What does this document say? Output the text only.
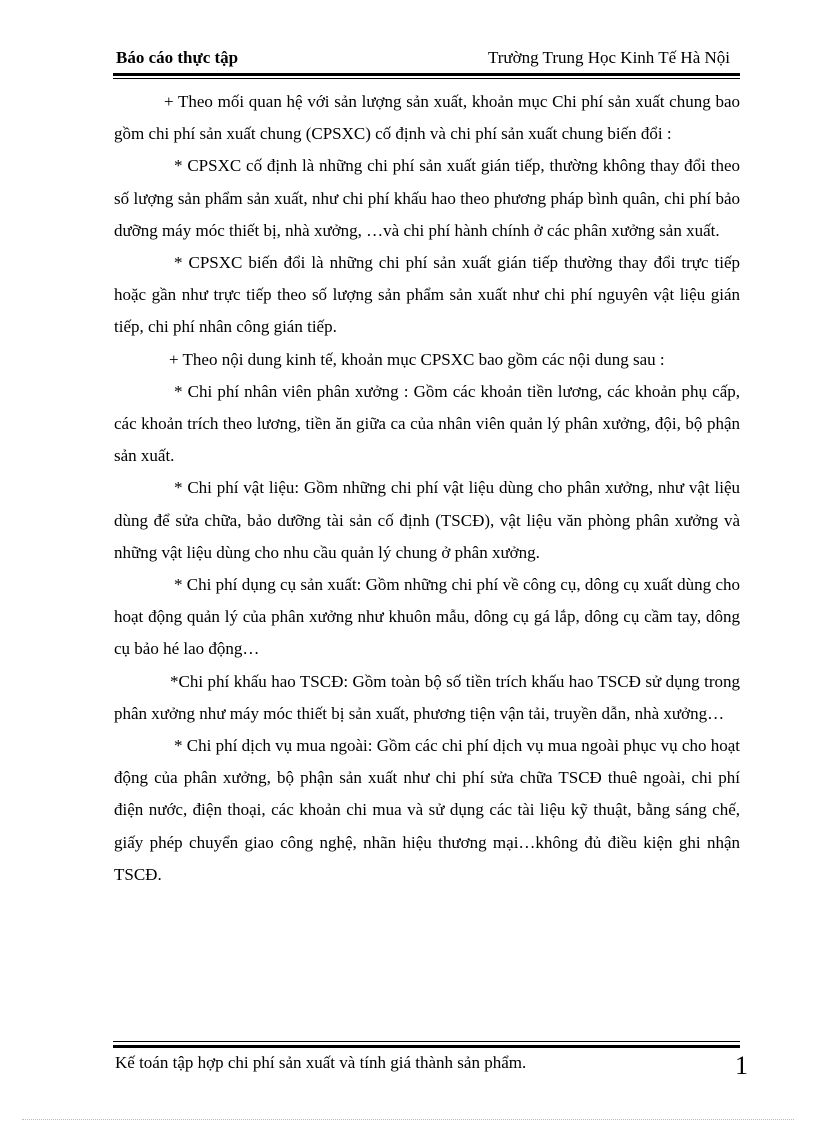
Báo cáo thực tập	Trường Trung Học Kinh Tế Hà Nội

+ Theo mối quan hệ với sản lượng sản xuất, khoản mục Chi phí sản xuất chung bao gồm chi phí sản xuất chung (CPSXC) cố định và chi phí sản xuất chung biến đổi :

* CPSXC cố định là những chi phí sản xuất gián tiếp, thường không thay đổi theo số lượng sản phẩm sản xuất, như chi phí khấu hao theo phương pháp bình quân, chi phí bảo dưỡng máy móc thiết bị, nhà xưởng, …và chi phí hành chính ở các phân xưởng sản xuất.

* CPSXC biến đổi là những chi phí sản xuất gián tiếp thường thay đổi trực tiếp hoặc gần như trực tiếp theo số lượng sản phẩm sản xuất như chi phí nguyên vật liệu gián tiếp, chi phí nhân công gián tiếp.

+ Theo nội dung kinh tế, khoản mục CPSXC bao gồm các nội dung sau :

* Chi phí nhân viên phân xưởng : Gồm các khoản tiền lương, các khoản phụ cấp, các khoản trích theo lương, tiền ăn giữa ca của nhân viên quản lý phân xưởng, đội, bộ phận sản xuất.

* Chi phí vật liệu: Gồm những chi phí vật liệu dùng cho phân xưởng, như vật liệu dùng để sửa chữa, bảo dưỡng tài sản cố định (TSCĐ), vật liệu văn phòng phân xưởng và những vật liệu dùng cho nhu cầu quản lý chung ở phân xưởng.

* Chi phí dụng cụ sản xuất: Gồm những chi phí về công cụ, dông cụ xuất dùng cho hoạt động quản lý của phân xưởng như khuôn mẫu, dông cụ gá lắp, dông cụ cầm tay, dông cụ bảo hé lao động…

*Chi phí khấu hao TSCĐ: Gồm toàn bộ số tiền trích khấu hao TSCĐ sử dụng trong phân xưởng như máy móc thiết bị sản xuất, phương tiện vận tải, truyền dẫn, nhà xưởng…

* Chi phí dịch vụ mua ngoài: Gồm các chi phí dịch vụ mua ngoài phục vụ cho hoạt động của phân xưởng, bộ phận sản xuất như chi phí sửa chữa TSCĐ thuê ngoài, chi phí điện nước, điện thoại, các khoản chi mua và sử dụng các tài liệu kỹ thuật, bằng sáng chế, giấy phép chuyển giao công nghệ, nhãn hiệu thương mại…không đủ điều kiện ghi nhận TSCĐ.

Kế toán tập hợp chi phí sản xuất và tính giá thành sản phẩm.	1
